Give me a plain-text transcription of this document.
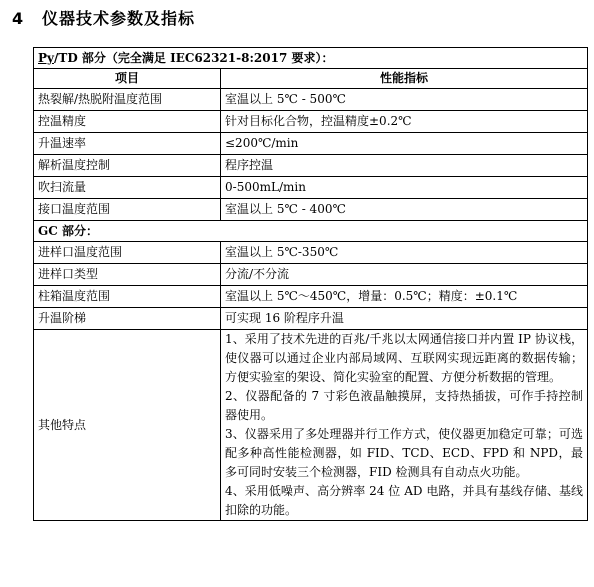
4 仪器技术参数及指标
Py/TD 部分（完全满足 IEC62321-8:2017 要求）：	
项目	性能指标
热裂解/热脱附温度范围	室温以上 5℃ - 500℃
控温精度	针对目标化合物，控温精度±0.2℃
升温速率	≤200℃/min
解析温度控制	程序控温
吹扫流量	0-500mL/min
接口温度范围	室温以上 5℃ - 400℃
GC 部分：	
进样口温度范围	室温以上 5℃-350℃
进样口类型	分流/不分流
柱箱温度范围	室温以上 5℃～450℃，增量：0.5℃；精度：±0.1℃
升温阶梯	可实现 16 阶程序升温
其他特点	1、采用了技术先进的百兆/千兆以太网通信接口并内置 IP 协议栈，使仪器可以通过企业内部局域网、互联网实现远距离的数据传输；方便实验室的架设、简化实验室的配置、方便分析数据的管理。

2、仪器配备的 7 寸彩色液晶触摸屏，支持热插拔，可作手持控制器使用。

3、仪器采用了多处理器并行工作方式，使仪器更加稳定可靠；可选配多种高性能检测器，如 FID、TCD、ECD、FPD 和 NPD，最多可同时安装三个检测器，FID 检测具有自动点火功能。

4、采用低噪声、高分辨率 24 位 AD 电路，并具有基线存储、基线扣除的功能。
